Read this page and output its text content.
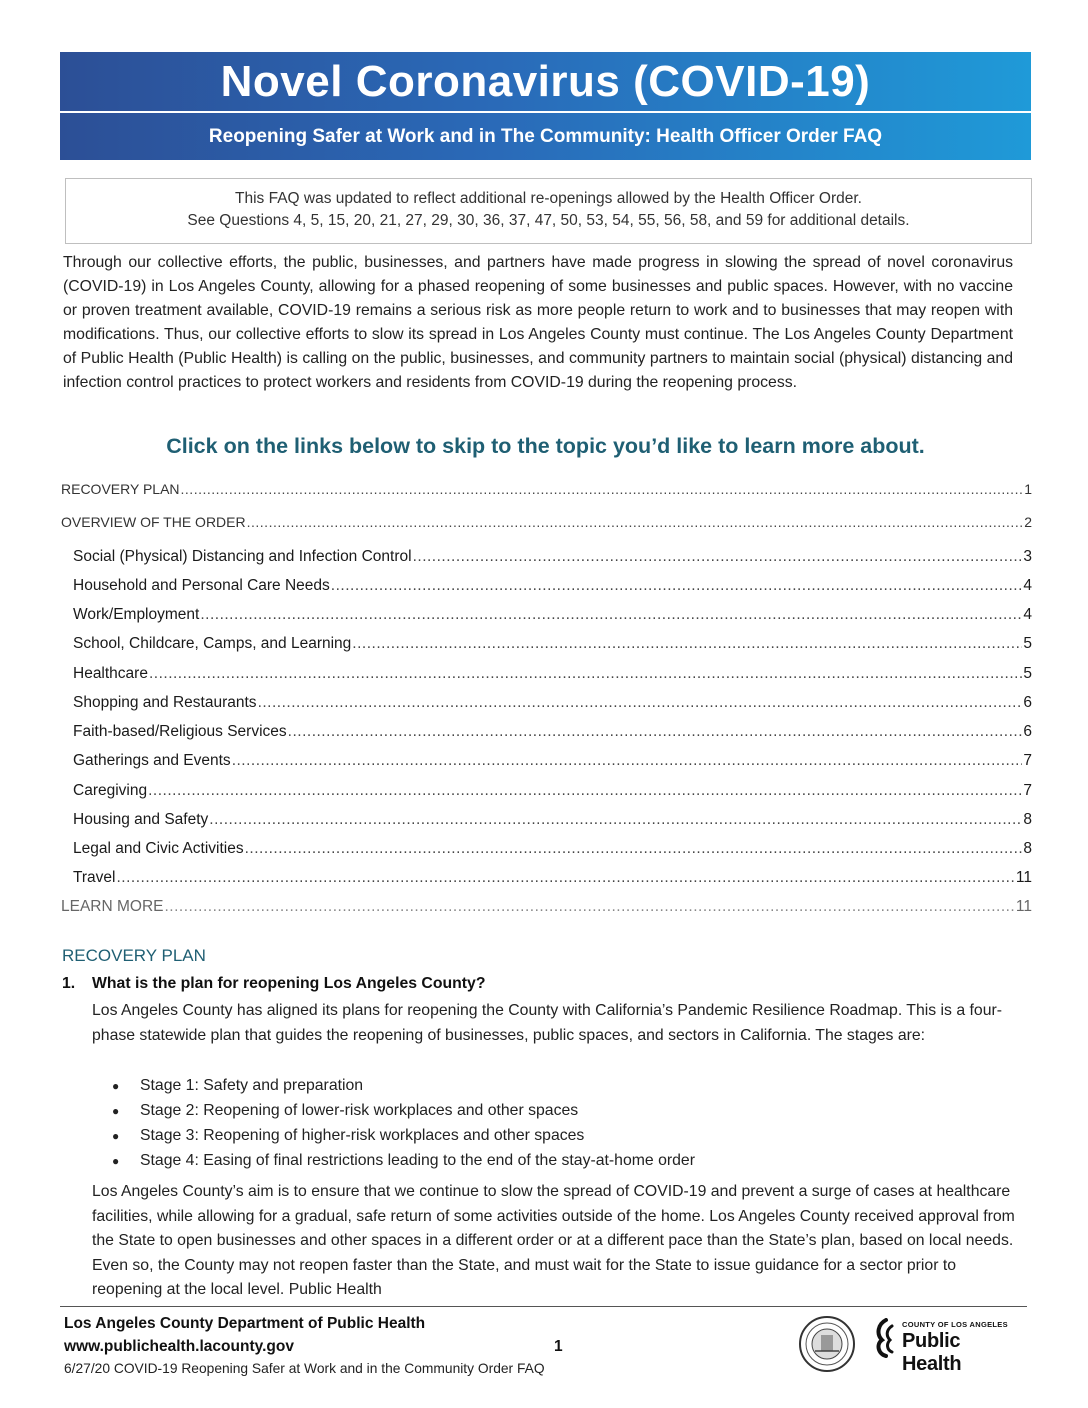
Novel Coronavirus (COVID-19)
Reopening Safer at Work and in The Community: Health Officer Order FAQ
This FAQ was updated to reflect additional re-openings allowed by the Health Officer Order.
See Questions 4, 5, 15, 20, 21, 27, 29, 30, 36, 37, 47, 50, 53, 54, 55, 56, 58, and 59 for additional details.

Through our collective efforts, the public, businesses, and partners have made progress in slowing the spread of novel coronavirus (COVID-19) in Los Angeles County, allowing for a phased reopening of some businesses and public spaces. However, with no vaccine or proven treatment available, COVID-19 remains a serious risk as more people return to work and to businesses that may reopen with modifications. Thus, our collective efforts to slow its spread in Los Angeles County must continue. The Los Angeles County Department of Public Health (Public Health) is calling on the public, businesses, and community partners to maintain social (physical) distancing and infection control practices to protect workers and residents from COVID-19 during the reopening process.

Click on the links below to skip to the topic you’d like to learn more about.
RECOVERY PLAN .....	1
OVERVIEW OF THE ORDER .....	2
Social (Physical) Distancing and Infection Control .....	3
Household and Personal Care Needs .....	4
Work/Employment .....	4
School, Childcare, Camps, and Learning .....	5
Healthcare .....	5
Shopping and Restaurants .....	6
Faith-based/Religious Services .....	6
Gatherings and Events .....	7
Caregiving .....	7
Housing and Safety .....	8
Legal and Civic Activities .....	8
Travel .....	11
LEARN MORE .....	11
RECOVERY PLAN
1. What is the plan for reopening Los Angeles County?

Los Angeles County has aligned its plans for reopening the County with California’s Pandemic Resilience Roadmap. This is a four-phase statewide plan that guides the reopening of businesses, public spaces, and sectors in California. The stages are:

●	Stage 1: Safety and preparation
●	Stage 2: Reopening of lower-risk workplaces and other spaces
●	Stage 3: Reopening of higher-risk workplaces and other spaces
●	Stage 4: Easing of final restrictions leading to the end of the stay-at-home order

Los Angeles County’s aim is to ensure that we continue to slow the spread of COVID-19 and prevent a surge of cases at healthcare facilities, while allowing for a gradual, safe return of some activities outside of the home. Los Angeles County received approval from the State to open businesses and other spaces in a different order or at a different pace than the State’s plan, based on local needs. Even so, the County may not reopen faster than the State, and must wait for the State to issue guidance for a sector prior to reopening at the local level. Public Health

Los Angeles County Department of Public Health
www.publichealth.lacounty.gov	1
6/27/20 COVID-19 Reopening Safer at Work and in the Community Order FAQ
COUNTY OF LOS ANGELES
Public Health
